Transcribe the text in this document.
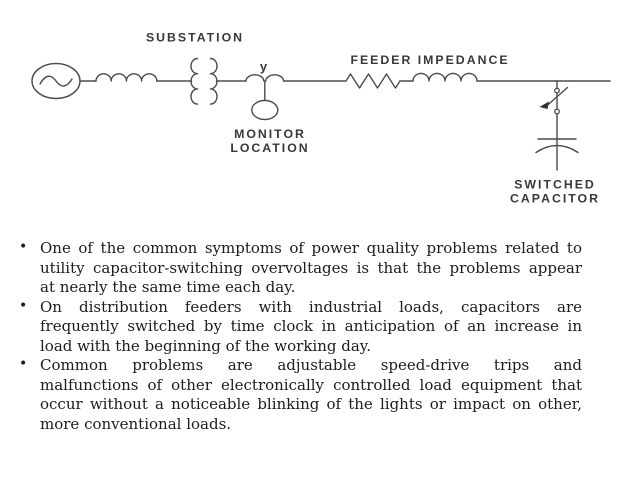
y
SUBSTATION
FEEDER IMPEDANCE
MONITOR
LOCATION
SWITCHED
CAPACITOR
• One of the common symptoms of power quality problems related to
utility capacitor-switching overvoltages is that the problems appear
at nearly the same time each day.
• On distribution feeders with industrial loads, capacitors are
frequently switched by time clock in anticipation of an increase in
load with the beginning of the working day.
• Common problems are adjustable speed-drive trips and
malfunctions of other electronically controlled load equipment that
occur without a noticeable blinking of the lights or impact on other,
more conventional loads.
